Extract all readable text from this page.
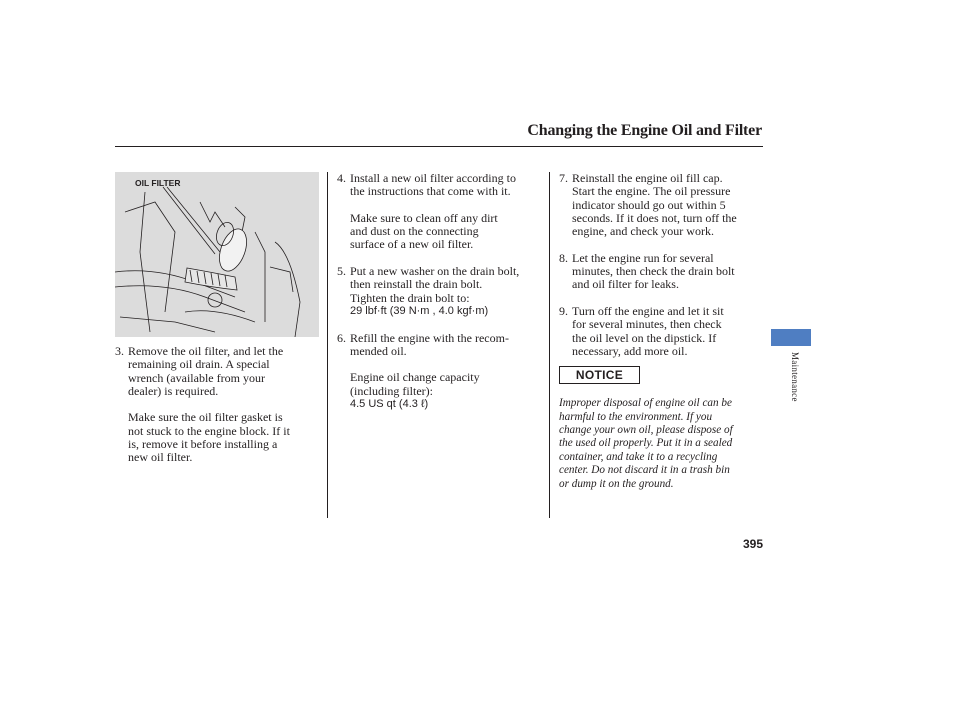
Changing the Engine Oil and Filter
OIL FILTER
3. Remove the oil filter, and let the
remaining oil drain. A special
wrench (available from your
dealer) is required.
Make sure the oil filter gasket is
not stuck to the engine block. If it
is, remove it before installing a
new oil filter.
4. Install a new oil filter according to
the instructions that come with it.
Make sure to clean off any dirt
and dust on the connecting
surface of a new oil filter.
5. Put a new washer on the drain bolt,
then reinstall the drain bolt.
Tighten the drain bolt to:
29 lbf·ft (39 N·m , 4.0 kgf·m)
6. Refill the engine with the recom-
mended oil.
Engine oil change capacity
(including filter):
4.5 US qt (4.3 ℓ)
7. Reinstall the engine oil fill cap.
Start the engine. The oil pressure
indicator should go out within 5
seconds. If it does not, turn off the
engine, and check your work.
8. Let the engine run for several
minutes, then check the drain bolt
and oil filter for leaks.
9. Turn off the engine and let it sit
for several minutes, then check
the oil level on the dipstick. If
necessary, add more oil.
NOTICE
Improper disposal of engine oil can be
harmful to the environment. If you
change your own oil, please dispose of
the used oil properly. Put it in a sealed
container, and take it to a recycling
center. Do not discard it in a trash bin
or dump it on the ground.
Maintenance
395
